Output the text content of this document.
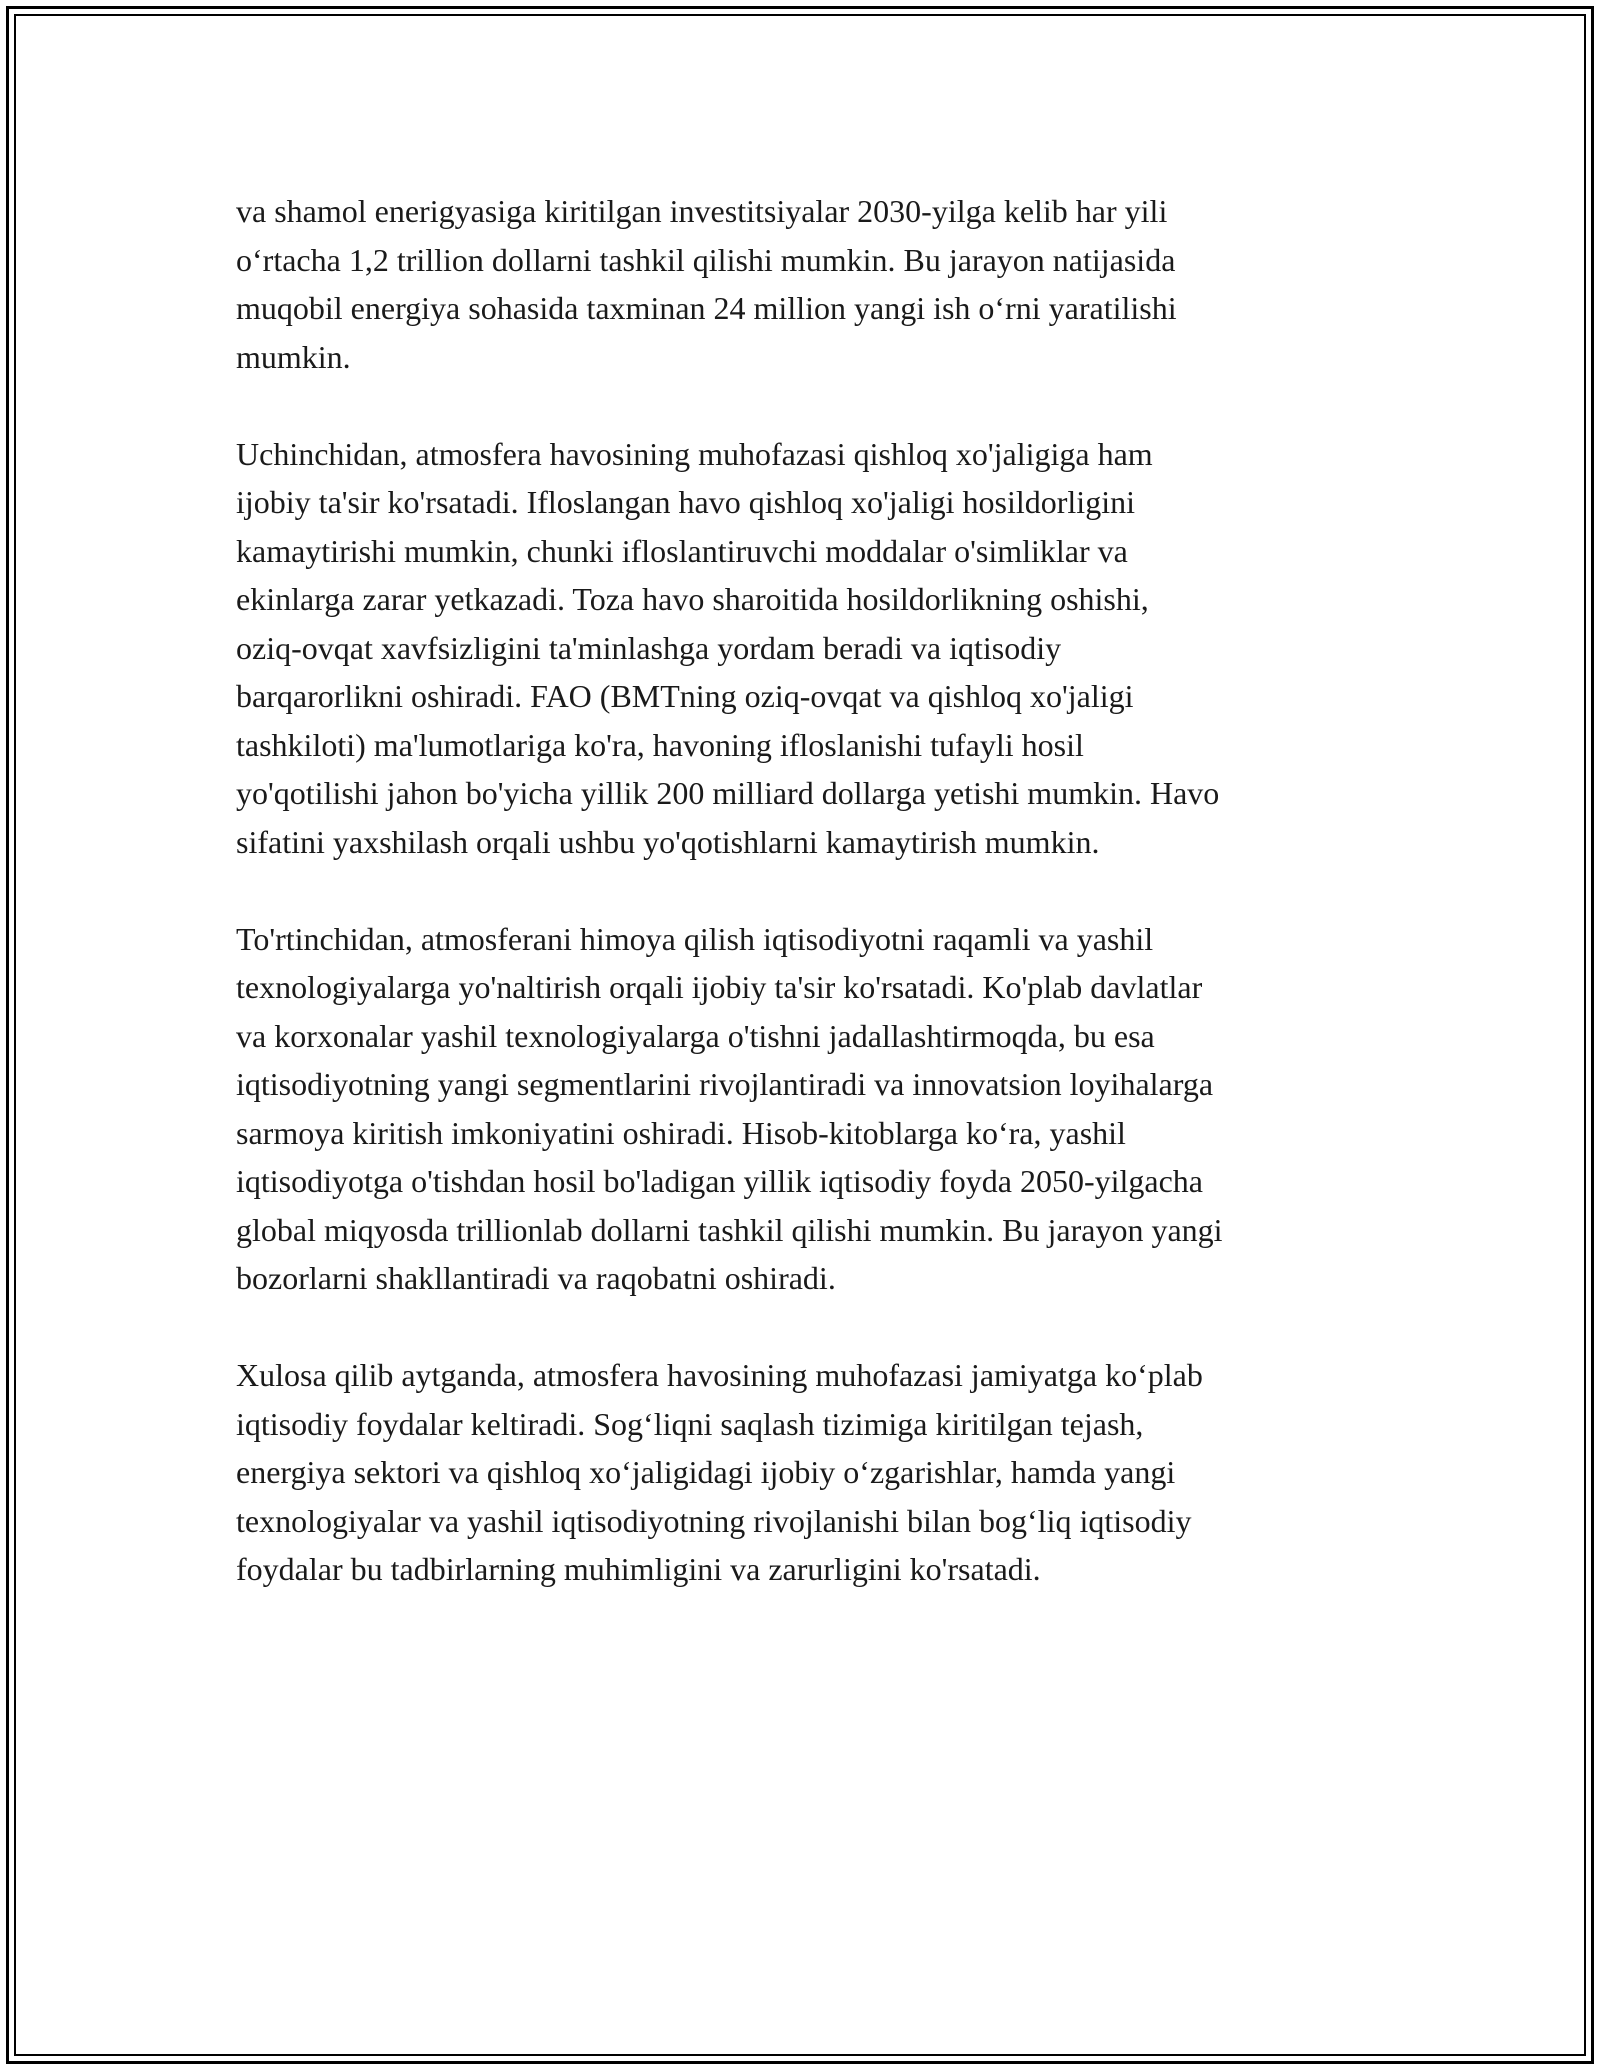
va shamol enerigyasiga kiritilgan investitsiyalar 2030-yilga kelib har yili
o‘rtacha 1,2 trillion dollarni tashkil qilishi mumkin. Bu jarayon natijasida
muqobil energiya sohasida taxminan 24 million yangi ish o‘rni yaratilishi
mumkin.

Uchinchidan, atmosfera havosining muhofazasi qishloq xo'jaligiga ham
ijobiy ta'sir ko'rsatadi. Ifloslangan havo qishloq xo'jaligi hosildorligini
kamaytirishi mumkin, chunki ifloslantiruvchi moddalar o'simliklar va
ekinlarga zarar yetkazadi. Toza havo sharoitida hosildorlikning oshishi,
oziq-ovqat xavfsizligini ta'minlashga yordam beradi va iqtisodiy
barqarorlikni oshiradi. FAO (BMTning oziq-ovqat va qishloq xo'jaligi
tashkiloti) ma'lumotlariga ko'ra, havoning ifloslanishi tufayli hosil
yo'qotilishi jahon bo'yicha yillik 200 milliard dollarga yetishi mumkin. Havo
sifatini yaxshilash orqali ushbu yo'qotishlarni kamaytirish mumkin.

To'rtinchidan, atmosferani himoya qilish iqtisodiyotni raqamli va yashil
texnologiyalarga yo'naltirish orqali ijobiy ta'sir ko'rsatadi. Ko'plab davlatlar
va korxonalar yashil texnologiyalarga o'tishni jadallashtirmoqda, bu esa
iqtisodiyotning yangi segmentlarini rivojlantiradi va innovatsion loyihalarga
sarmoya kiritish imkoniyatini oshiradi. Hisob-kitoblarga ko‘ra, yashil
iqtisodiyotga o'tishdan hosil bo'ladigan yillik iqtisodiy foyda 2050-yilgacha
global miqyosda trillionlab dollarni tashkil qilishi mumkin. Bu jarayon yangi
bozorlarni shakllantiradi va raqobatni oshiradi.

Xulosa qilib aytganda, atmosfera havosining muhofazasi jamiyatga ko‘plab
iqtisodiy foydalar keltiradi. Sog‘liqni saqlash tizimiga kiritilgan tejash,
energiya sektori va qishloq xo‘jaligidagi ijobiy o‘zgarishlar, hamda yangi
texnologiyalar va yashil iqtisodiyotning rivojlanishi bilan bog‘liq iqtisodiy
foydalar bu tadbirlarning muhimligini va zarurligini ko'rsatadi.
